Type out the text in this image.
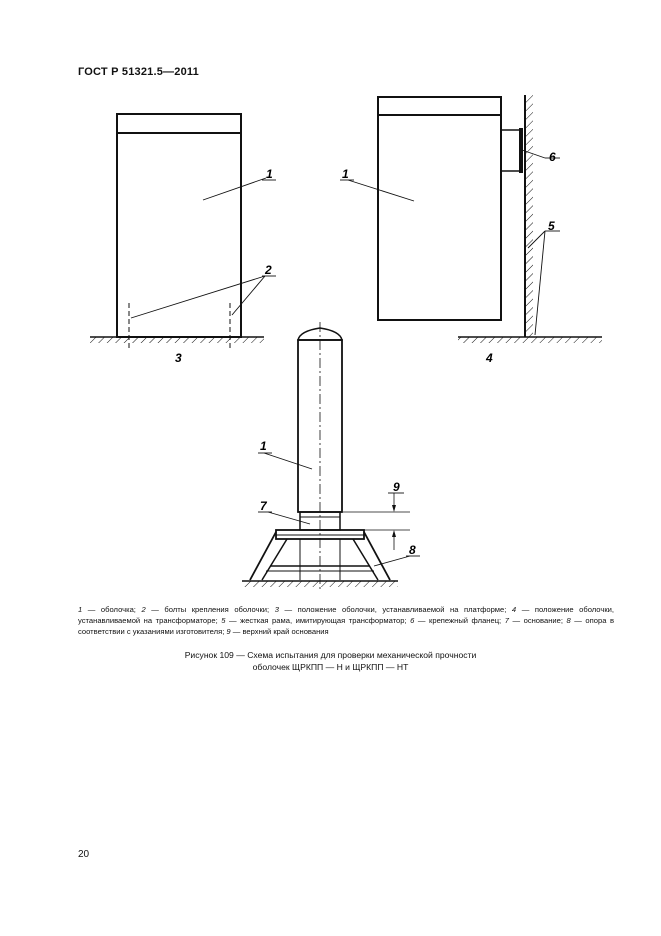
ГОСТ Р 51321.5—2011
1
2
3
1
6
5
4
1
9
7
8
1 — оболочка; 2 — болты крепления оболочки; 3 — положение оболочки, устанавливаемой на платформе; 4 — положение оболочки, устанавливаемой на трансформаторе; 5 — жесткая рама, имитирующая трансформатор; 6 — крепежный фланец; 7 — основание; 8 — опора в соответствии с указаниями изготовителя; 9 — верхний край основания
Рисунок 109 — Схема испытания для проверки механической прочности
оболочек ЩРКПП — Н и ЩРКПП — НТ
20
